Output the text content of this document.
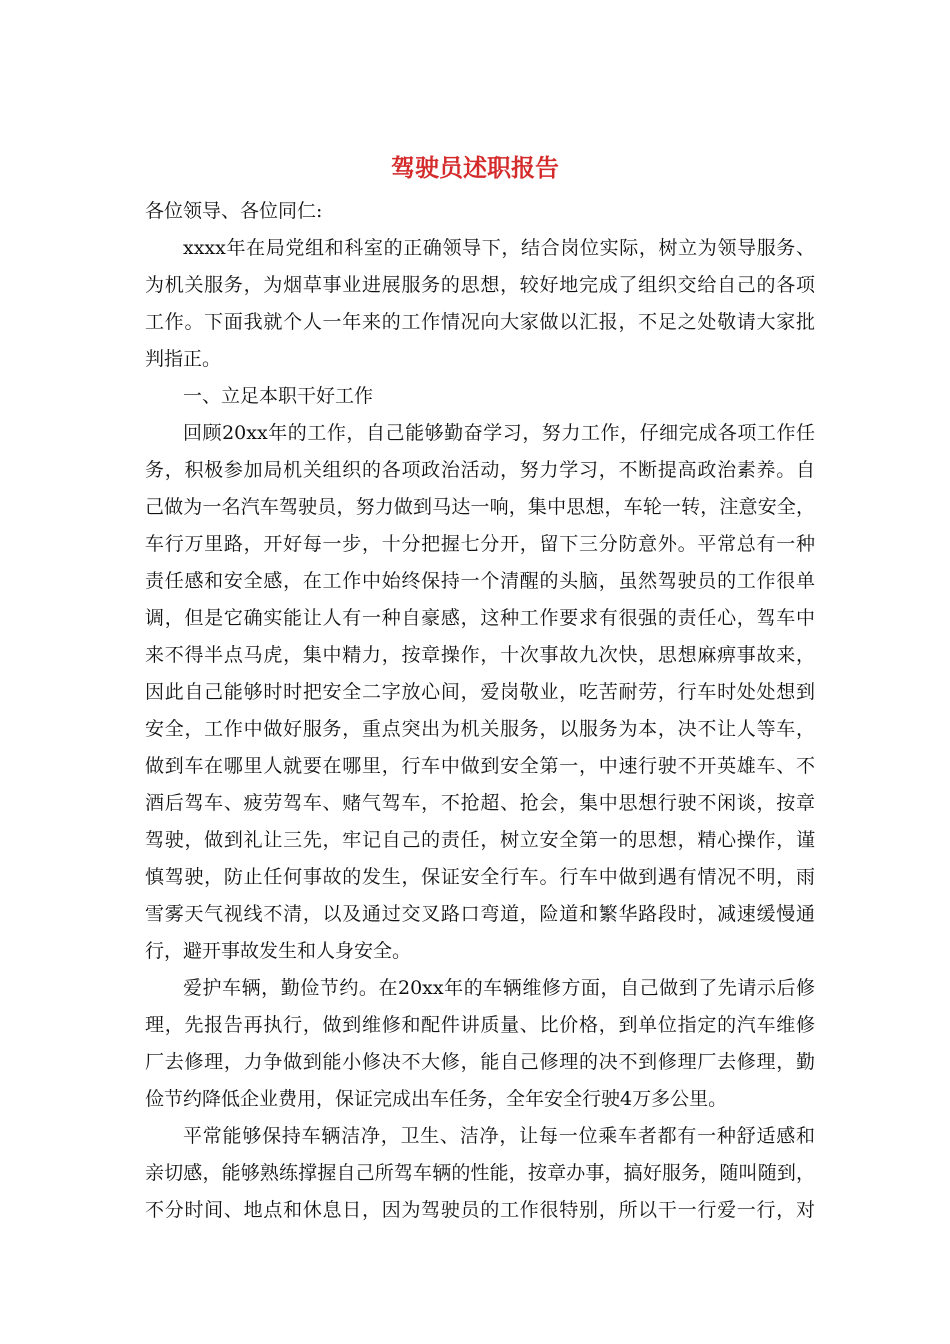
驾驶员述职报告
各位领导、各位同仁:
xxxx年在局党组和科室的正确领导下，结合岗位实际，树立为领导服务、
为机关服务，为烟草事业进展服务的思想，较好地完成了组织交给自己的各项
工作。下面我就个人一年来的工作情况向大家做以汇报，不足之处敬请大家批
判指正。
一、立足本职干好工作
回顾20xx年的工作，自己能够勤奋学习，努力工作，仔细完成各项工作任
务，积极参加局机关组织的各项政治活动，努力学习，不断提高政治素养。自
己做为一名汽车驾驶员，努力做到马达一响，集中思想，车轮一转，注意安全，
车行万里路，开好每一步，十分把握七分开，留下三分防意外。平常总有一种
责任感和安全感，在工作中始终保持一个清醒的头脑，虽然驾驶员的工作很单
调，但是它确实能让人有一种自豪感，这种工作要求有很强的责任心，驾车中
来不得半点马虎，集中精力，按章操作，十次事故九次快，思想麻痹事故来，
因此自己能够时时把安全二字放心间，爱岗敬业，吃苦耐劳，行车时处处想到
安全，工作中做好服务，重点突出为机关服务，以服务为本，决不让人等车，
做到车在哪里人就要在哪里，行车中做到安全第一，中速行驶不开英雄车、不
酒后驾车、疲劳驾车、赌气驾车，不抢超、抢会，集中思想行驶不闲谈，按章
驾驶，做到礼让三先，牢记自己的责任，树立安全第一的思想，精心操作，谨
慎驾驶，防止任何事故的发生，保证安全行车。行车中做到遇有情况不明，雨
雪雾天气视线不清，以及通过交叉路口弯道，险道和繁华路段时，减速缓慢通
行，避开事故发生和人身安全。
爱护车辆，勤俭节约。在20xx年的车辆维修方面，自己做到了先请示后修
理，先报告再执行，做到维修和配件讲质量、比价格，到单位指定的汽车维修
厂去修理，力争做到能小修决不大修，能自己修理的决不到修理厂去修理，勤
俭节约降低企业费用，保证完成出车任务，全年安全行驶4万多公里。
平常能够保持车辆洁净，卫生、洁净，让每一位乘车者都有一种舒适感和
亲切感，能够熟练撑握自己所驾车辆的性能，按章办事，搞好服务，随叫随到，
不分时间、地点和休息日，因为驾驶员的工作很特别，所以干一行爱一行，对
